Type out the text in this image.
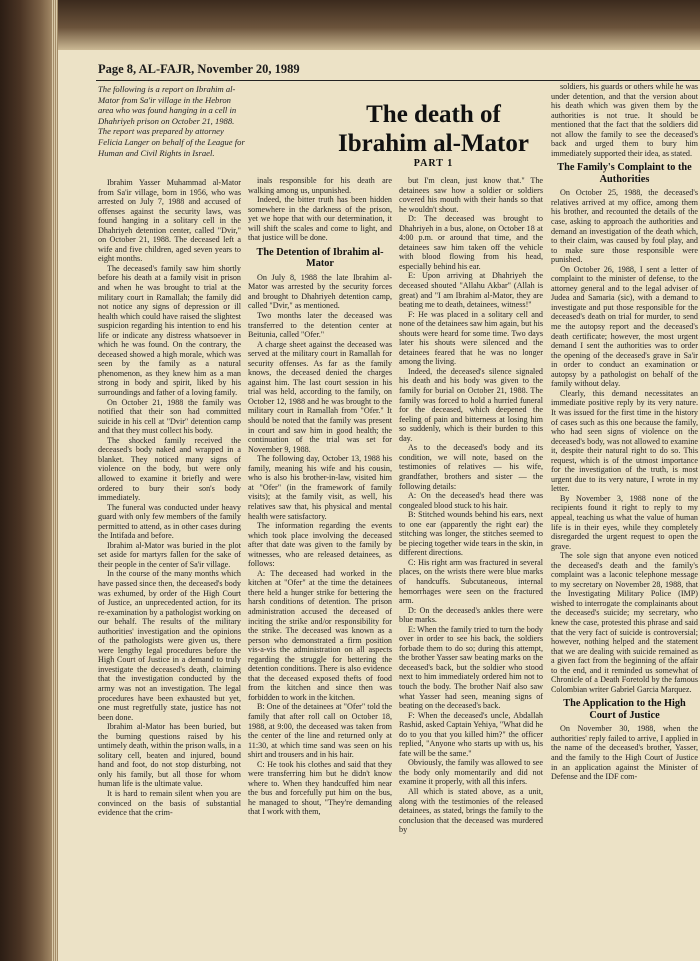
Page 8, AL-FAJR, November 20, 1989
The following is a report on Ibrahim al-Mator from Sa'ir village in the Hebron area who was found hanging in a cell in Dhahriyeh prison on October 21, 1988. The report was prepared by attorney Felicia Langer on behalf of the League for Human and Civil Rights in Israel.
The death of Ibrahim al-Mator
PART 1

Ibrahim Yasser Muhammad al-Mator from Sa'ir village, born in 1956, who was arrested on July 7, 1988 and accused of offenses against the security laws, was found hanging in a solitary cell in the Dhahriyeh detention center, called "Dvir," on October 21, 1988. The deceased left a wife and five children, aged seven years to eight months.

The deceased's family saw him shortly before his death at a family visit in prison and when he was brought to trial at the military court in Ramallah; the family did not notice any signs of depression or ill health which could have raised the slightest suspicion regarding his intention to end his life or indicate any distress whatsoever in which he was found. On the contrary, the deceased showed a high morale, which was seen by the family as a natural phenomenon, as they knew him as a man strong in body and spirit, liked by his surroundings and father of a loving family.

On October 21, 1988 the family was notified that their son had committed suicide in his cell at "Dvir" detention camp and that they must collect his body.

The shocked family received the deceased's body naked and wrapped in a blanket. They noticed many signs of violence on the body, but were only allowed to examine it briefly and were ordered to bury their son's body immediately.

The funeral was conducted under heavy guard with only few members of the family permitted to attend, as in other cases during the Intifada and before.

Ibrahim al-Mator was buried in the plot set aside for martyrs fallen for the sake of their people in the center of Sa'ir village.

In the course of the many months which have passed since then, the deceased's body was exhumed, by order of the High Court of Justice, an unprecedented action, for its re-examination by a pathologist working on our behalf. The results of the military authorities' investigation and the opinions of the pathologists were given us, there were lengthy legal procedures before the High Court of Justice in a demand to truly investigate the deceased's death, claiming that the investigation conducted by the army was not an investigation. The legal procedures have been exhausted but yet, one must regretfully state, justice has not been done.

Ibrahim al-Mator has been buried, but the burning questions raised by his untimely death, within the prison walls, in a solitary cell, beaten and injured, bound hand and foot, do not stop disturbing, not only his family, but all those for whom human life is the ultimate value.

It is hard to remain silent when you are convinced on the basis of substantial evidence that the crim-

inals responsible for his death are walking among us, unpunished.

Indeed, the bitter truth has been hidden somewhere in the darkness of the prison, yet we hope that with our determination, it will shift the scales and come to light, and that justice will be done.

The Detention of Ibrahim al-Mator

On July 8, 1988 the late Ibrahim al-Mator was arrested by the security forces and brought to Dhahriyeh detention camp, called "Dvir," as mentioned.

Two months later the deceased was transferred to the detention center at Beitunia, called "Ofer."

A charge sheet against the deceased was served at the military court in Ramallah for security offenses. As far as the family knows, the deceased denied the charges against him. The last court session in his trial was held, according to the family, on October 12, 1988 and he was brought to the military court in Ramallah from "Ofer." It should be noted that the family was present in court and saw him in good health; the continuation of the trial was set for November 9, 1988.

The following day, October 13, 1988 his family, meaning his wife and his cousin, who is also his brother-in-law, visited him at "Ofer" (in the framework of family visits); at the family visit, as well, his relatives saw that, his physical and mental health were satisfactory.

The information regarding the events which took place involving the deceased after that date was given to the family by witnesses, who are released detainees, as follows:

A: The deceased had worked in the kitchen at "Ofer" at the time the detainees there held a hunger strike for bettering the harsh conditions of detention. The prison administration accused the deceased of inciting the strike and/or responsibility for the strike. The deceased was known as a person who demonstrated a firm position vis-a-vis the administration on all aspects regarding the struggle for bettering the detention conditions. There is also evidence that the deceased exposed thefts of food from the kitchen and since then was forbidden to work in the kitchen.

B: One of the detainees at "Ofer" told the family that after roll call on October 18, 1988, at 9:00, the deceased was taken from the center of the line and returned only at 11:30, at which time sand was seen on his shirt and trousers and in his hair.

C: He took his clothes and said that they were transferring him but he didn't know where to. When they handcuffed him near the bus and forcefully put him on the bus, he managed to shout, "They're demanding that I work with them,

but I'm clean, just know that." The detainees saw how a soldier or soldiers covered his mouth with their hands so that he wouldn't shout.

D: The deceased was brought to Dhahriyeh in a bus, alone, on October 18 at 4:00 p.m. or around that time, and the detainees saw him taken off the vehicle with blood flowing from his head, especially behind his ear.

E: Upon arriving at Dhahriyeh the deceased shouted "Allahu Akbar" (Allah is great) and "I am Ibrahim al-Mator, they are beating me to death, detainees, witness!"

F: He was placed in a solitary cell and none of the detainees saw him again, but his shouts were heard for some time. Two days later his shouts were silenced and the detainees feared that he was no longer among the living.

Indeed, the deceased's silence signaled his death and his body was given to the family for burial on October 21, 1988. The family was forced to hold a hurried funeral for the deceased, which deepened the feeling of pain and bitterness at losing him so suddenly, which is their burden to this day.

As to the deceased's body and its condition, we will note, based on the testimonies of relatives — his wife, grandfather, brothers and sister — the following details:

A: On the deceased's head there was congealed blood stuck to his hair.

B: Stitched wounds behind his ears, next to one ear (apparently the right ear) the stitching was longer, the stitches seemed to be piecing together wide tears in the skin, in different directions.

C: His right arm was fractured in several places, on the wrists there were blue marks of handcuffs. Subcutaneous, internal hemorrhages were seen on the fractured arm.

D: On the deceased's ankles there were blue marks.

E: When the family tried to turn the body over in order to see his back, the soldiers forbade them to do so; during this attempt, the brother Yasser saw beating marks on the deceased's back, but the soldier who stood next to him immediately ordered him not to touch the body. The brother Naif also saw what Yasser had seen, meaning signs of beating on the deceased's back.

F: When the deceased's uncle, Abdallah Rashid, asked Captain Yehiya, "What did he do to you that you killed him?" the officer replied, "Anyone who starts up with us, his fate will be the same."

Obviously, the family was allowed to see the body only momentarily and did not examine it properly, with all this infers.

All which is stated above, as a unit, along with the testimonies of the released detainees, as stated, brings the family to the conclusion that the deceased was murdered by

soldiers, his guards or others while he was under detention, and that the version about his death which was given them by the authorities is not true. It should be mentioned that the fact that the soldiers did not allow the family to see the deceased's back and urged them to bury him immediately supported their idea, as stated.

The Family's Complaint to the Authorities

On October 25, 1988, the deceased's relatives arrived at my office, among them his brother, and recounted the details of the case, asking to approach the authorities and demand an investigation of the death which, to their claim, was caused by foul play, and to make sure those responsible were punished.

On October 26, 1988, I sent a letter of complaint to the minister of defense, to the attorney general and to the legal adviser of Judea and Samaria (sic), with a demand to investigate and put those responsible for the deceased's death on trial for murder, to send me the autopsy report and the deceased's death certificate; however, the most urgent demand I sent the authorities was to order the opening of the deceased's grave in Sa'ir in order to conduct an examination or autopsy by a pathologist on behalf of the family without delay.

Clearly, this demand necessitates an immediate positive reply by its very nature. It was issued for the first time in the history of cases such as this one because the family, who had seen signs of violence on the deceased's body, was not allowed to examine it, despite their natural right to do so. This request, which is of the utmost importance for the investigation of the truth, is most urgent due to its very nature, I wrote in my letter.

By November 3, 1988 none of the recipients found it right to reply to my appeal, teaching us what the value of human life is in their eyes, while they completely disregarded the urgent request to open the grave.

The sole sign that anyone even noticed the deceased's death and the family's complaint was a laconic telephone message to my secretary on November 28, 1988, that the Investigating Military Police (IMP) wished to interrogate the complainants about the deceased's suicide; my secretary, who knew the case, protested this phrase and said that the very fact of suicide is controversial; however, nothing helped and the statement that we are dealing with suicide remained as a given fact from the beginning of the affair to the end, and it reminded us somewhat of Chronicle of a Death Foretold by the famous Colombian writer Gabriel Garcia Marquez.

The Application to the High Court of Justice

On November 30, 1988, when the authorities' reply failed to arrive, I applied in the name of the deceased's brother, Yasser, and the family to the High Court of Justice in an application against the Minister of Defense and the IDF com-
